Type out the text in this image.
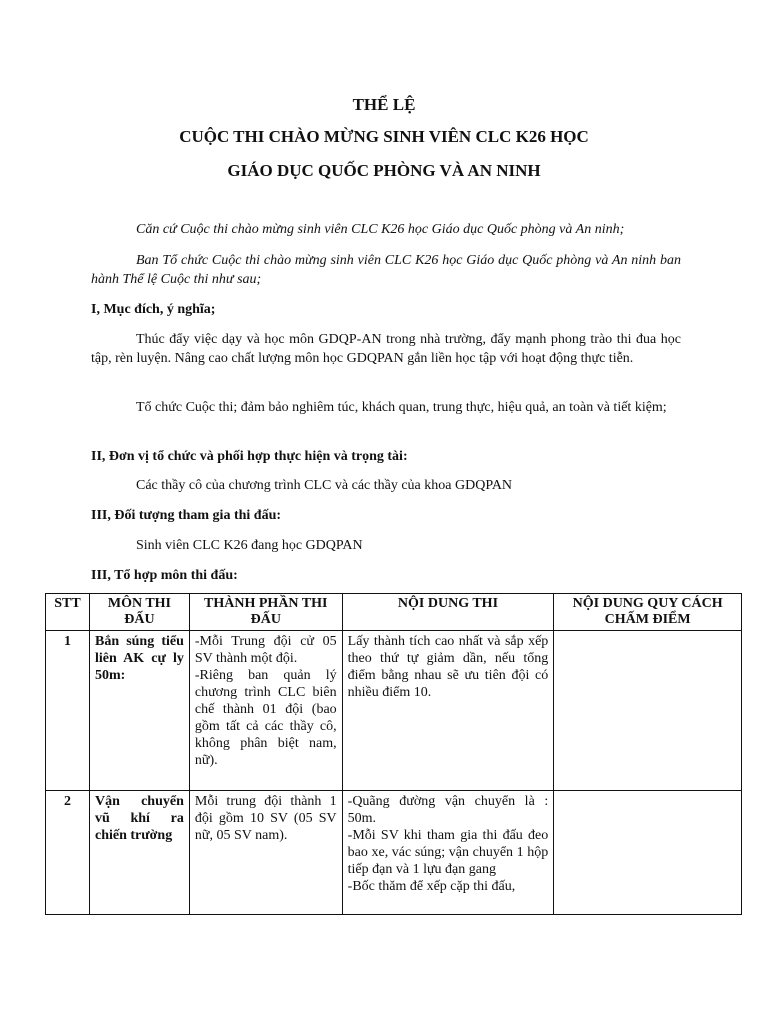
THỂ LỆ
CUỘC THI CHÀO MỪNG SINH VIÊN CLC K26 HỌC
GIÁO DỤC QUỐC PHÒNG VÀ AN NINH
Căn cứ Cuộc thi chào mừng sinh viên CLC K26 học Giáo dục Quốc phòng và An ninh;
Ban Tổ chức Cuộc thi chào mừng sinh viên CLC K26 học Giáo dục Quốc phòng và An ninh ban hành Thể lệ Cuộc thi như sau;
I, Mục đích, ý nghĩa;
Thúc đẩy việc dạy và học môn GDQP-AN trong nhà trường, đẩy mạnh phong trào thi đua học tập, rèn luyện. Nâng cao chất lượng môn học GDQPAN gắn liền học tập với hoạt động thực tiễn.
Tổ chức Cuộc thi; đảm bảo nghiêm túc, khách quan, trung thực, hiệu quả, an toàn và tiết kiệm;
II, Đơn vị tổ chức và phối hợp thực hiện và trọng tài:
Các thầy cô của chương trình CLC và các thầy của khoa GDQPAN
III, Đối tượng tham gia thi đấu:
Sinh viên CLC K26 đang học GDQPAN
III, Tổ hợp môn thi đấu:
STT	MÔN THI ĐẤU	THÀNH PHẦN THI ĐẤU	NỘI DUNG THI	NỘI DUNG QUY CÁCH CHẤM ĐIỂM
1	Bắn súng tiểu liên AK cự ly 50m:	-Mỗi Trung đội cử 05 SV thành một đội.
-Riêng ban quản lý chương trình CLC biên chế thành 01 đội (bao gồm tất cả các thầy cô, không phân biệt nam, nữ).	Lấy thành tích cao nhất và sắp xếp theo thứ tự giảm dần, nếu tổng điểm bằng nhau sẽ ưu tiên đội có nhiều điểm 10.	

2	Vận chuyển vũ khí ra chiến trường	Mỗi trung đội thành 1 đội gồm 10 SV (05 SV nữ, 05 SV nam).	-Quãng đường vận chuyển là : 50m.
-Mỗi SV khi tham gia thi đấu đeo bao xe, vác súng; vận chuyển 1 hộp tiếp đạn và 1 lựu đạn gang
-Bốc thăm để xếp cặp thi đấu,	
